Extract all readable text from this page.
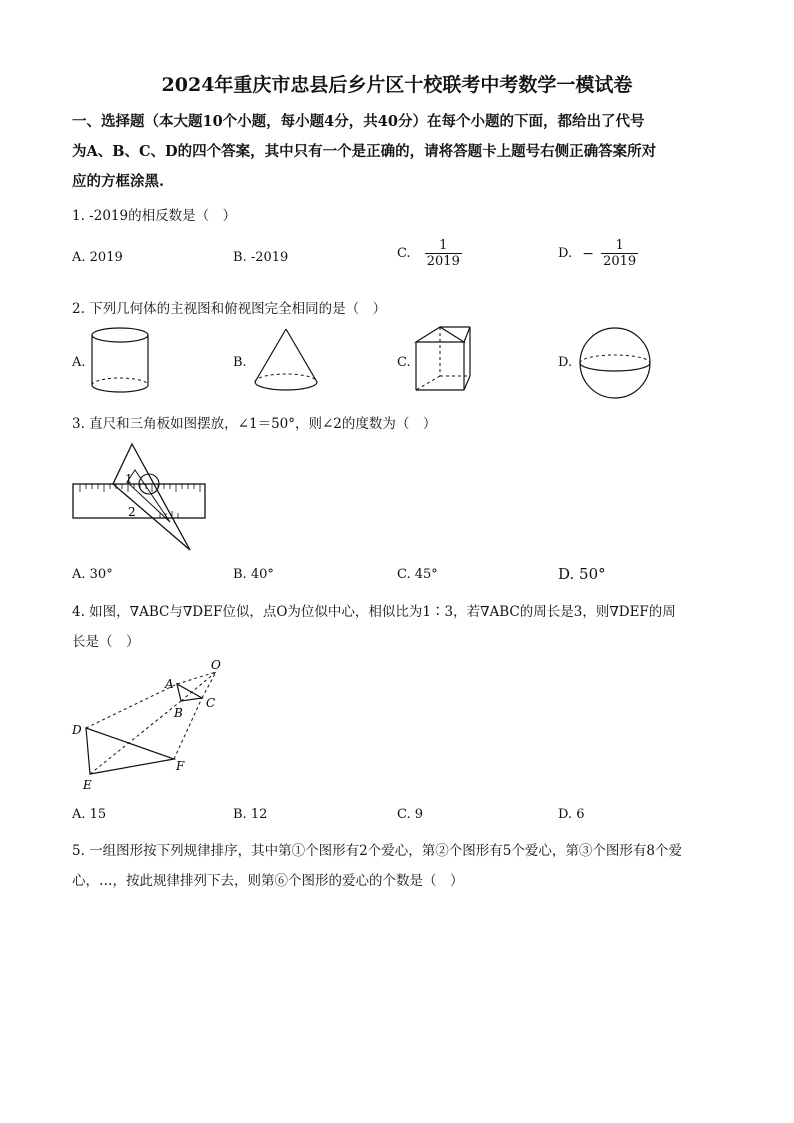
2024年重庆市忠县后乡片区十校联考中考数学一模试卷
一、选择题（本大题10个小题，每小题4分，共40分）在每个小题的下面，都给出了代号
为A、B、C、D的四个答案，其中只有一个是正确的，请将答题卡上题号右侧正确答案所对
应的方框涂黑.
1. -2019的相反数是（　）
A. 2019	B. -2019	C. $\frac{1}{2019}$	D. − $\frac{1}{2019}$
2. 下列几何体的主视图和俯视图完全相同的是（　）
A.	B.	C.	D.
3. 直尺和三角板如图摆放，∠1＝50°，则∠2的度数为（　）
1
2
A. 30°	B. 40°	C. 45°	D. 50°
4. 如图，∇ABC与∇DEF位似，点O为位似中心，相似比为1∶3，若∇ABC的周长是3，则∇DEF的周
长是（　）
O
A
B
C
D
E
F
A. 15	B. 12	C. 9	D. 6
5. 一组图形按下列规律排序，其中第①个图形有2个爱心，第②个图形有5个爱心，第③个图形有8个爱
心，…，按此规律排列下去，则第⑥个图形的爱心的个数是（　）
